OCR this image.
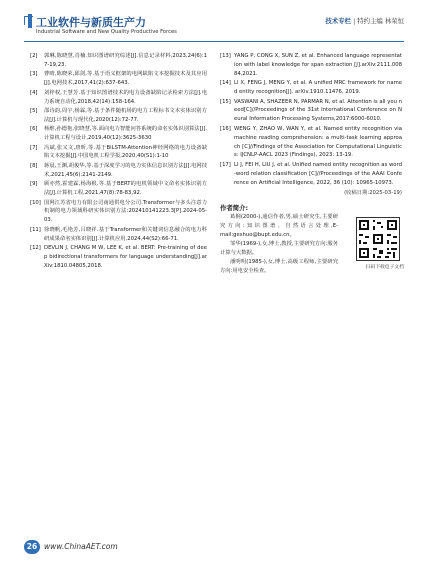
工业软件与新质生产力
Industrial Software and New Quality Productive Forces
技术专栏 | 特约主编 林荣恒
[2] 郭琳,陈晓慧,肖楠.知识图谱研究综述[J].信息记录材料,2023,24(6):17-19,23.
[3] 曹晴,陈晓荣,邱剑,等.基于语义框架的电网缺陷文本挖掘技术及其应用[J].电网技术,2017,41(2):637-643.
[4] 刘梓权,王慧芳.基于知识图谱技术的电力设备缺陷记录检索方法[J].电力系统自动化,2018,42(14):158-164.
[5] 邵诗韵,周宇,杨霖,等.基于条件随机场的电力工程标书文本实体识别方法[J].计算机与现代化,2020(12):72-77.
[6] 杨维,孙德艳,张晓慧,等.面向电力智能问答系统的命名实体识别算法[J].计算机工程与设计,2019,40(12):3625-3630
[7] 冯斌,张又文,唐昕,等.基于BiLSTM-Attention神经网络的电力设备缺陷文本挖掘[J].中国电机工程学报,2020,40(S1):1-10
[8] 蒋晨,王渊,胡俊华,等.基于深度学习的电力实体信息识别方法[J].电网技术,2021,45(6):2141-2149.
[9] 顾亦然,霍建霖,杨海根,等.基于BERT的电机领域中文命名实体识别方法[J].计算机工程,2021,47(8):78-83,92.
[10] 国网江苏省电力有限公司南通供电分公司.Transformer与多头注意力机制的电力领域科研实体识别方法:202410141223.3[P].2024-05-03.
[11] 徐晓帆,毛艳芳,吕晓祥.基于Transformer和关键词信息融合的电力科研成果命名实体识别[J].计算机应用,2024,44(S2):66-71.
[12] DEVLIN J, CHANG M W, LEE K, et al. BERT: Pre-training of deep bidirectional transformers for language understanding[J].arXiv:1810.04805,2018.
[13] YANG P, CONG X, SUN Z, et al. Enhanced language representation with label knowledge for span extraction [J].arXiv:2111.00884,2021.
[14] LI X, FENG J, MENG Y, et al. A unified MRC framework for named entity recognition[J]. arXiv.1910.11476, 2019.
[15] VASWANI A, SHAZEER N, PARMAR N, et al. Attention is all you need[C]//Proceedings of the 31st International Conference on Neural Information Processing Systems,2017:6000-6010.
[16] WENG Y, ZHAO W, WAN Y, et al. Named entity recognition via machine reading comprehension: a multi-task learning approach [C]//Findings of the Association for Computational Linguistics: IJCNLP-AACL 2023 (Findings), 2023: 13-19.
[17] LI J, FEI H, LIU J, et al. Unified named entity recognition as word-word relation classification [C]//Proceedings of the AAAI Conference on Artificial Intelligence, 2022, 36 (10): 10965-10973.
(收稿日期:2025-03-19)
作者简介:

葛桐(2000-),通信作者,男,硕士研究生,主要研究方向:知识图谱、自然语言处理,E-mail:geshuo@bupt.edu.cn。

邹华(1969-),女,博士,教授,主要研究方向:服务计算与大数据。

潘明明(1985-),女,博士,高级工程师,主要研究方向:用电安全检查。

扫码下载电子文档
26 www.ChinaAET.com
